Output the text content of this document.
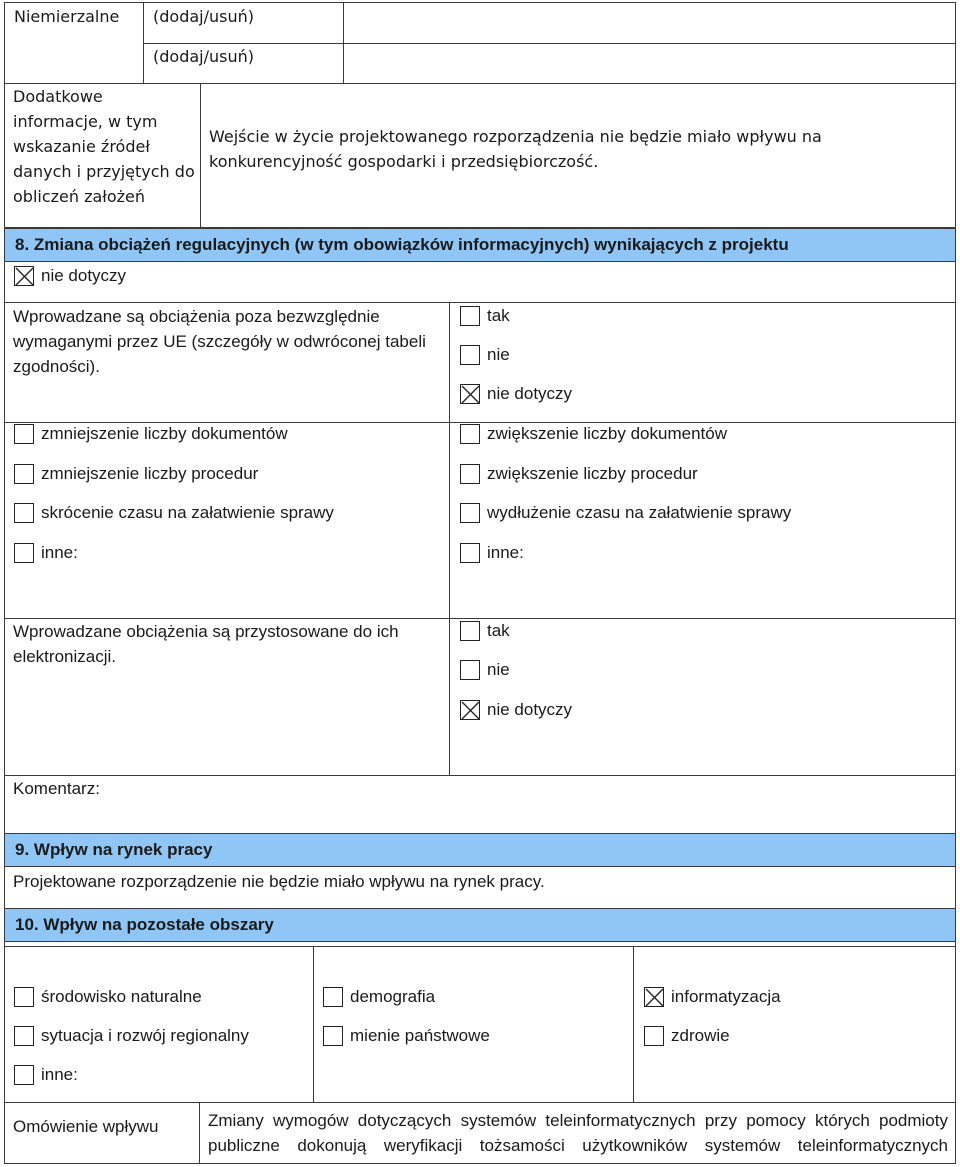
Niemierzalne (dodaj/usuń)
(dodaj/usuń)
Dodatkowe informacje, w tym wskazanie źródeł danych i przyjętych do obliczeń założeń
Wejście w życie projektowanego rozporządzenia nie będzie miało wpływu na konkurencyjność gospodarki i przedsiębiorczość.
8. Zmiana obciążeń regulacyjnych (w tym obowiązków informacyjnych) wynikających z projektu
nie dotyczy
Wprowadzane są obciążenia poza bezwzględnie wymaganymi przez UE (szczegóły w odwróconej tabeli zgodności).
tak
nie
nie dotyczy
zmniejszenie liczby dokumentów
zmniejszenie liczby procedur
skrócenie czasu na załatwienie sprawy
inne:
zwiększenie liczby dokumentów
zwiększenie liczby procedur
wydłużenie czasu na załatwienie sprawy
inne:
Wprowadzane obciążenia są przystosowane do ich elektronizacji.
tak
nie
nie dotyczy
Komentarz:
9. Wpływ na rynek pracy
Projektowane rozporządzenie nie będzie miało wpływu na rynek pracy.
10. Wpływ na pozostałe obszary
środowisko naturalne
sytuacja i rozwój regionalny
inne:
demografia
mienie państwowe
informatyzacja
zdrowie
Omówienie wpływu	Zmiany wymogów dotyczących systemów teleinformatycznych przy pomocy których podmioty
publiczne dokonują weryfikacji tożsamości użytkowników systemów teleinformatycznych
